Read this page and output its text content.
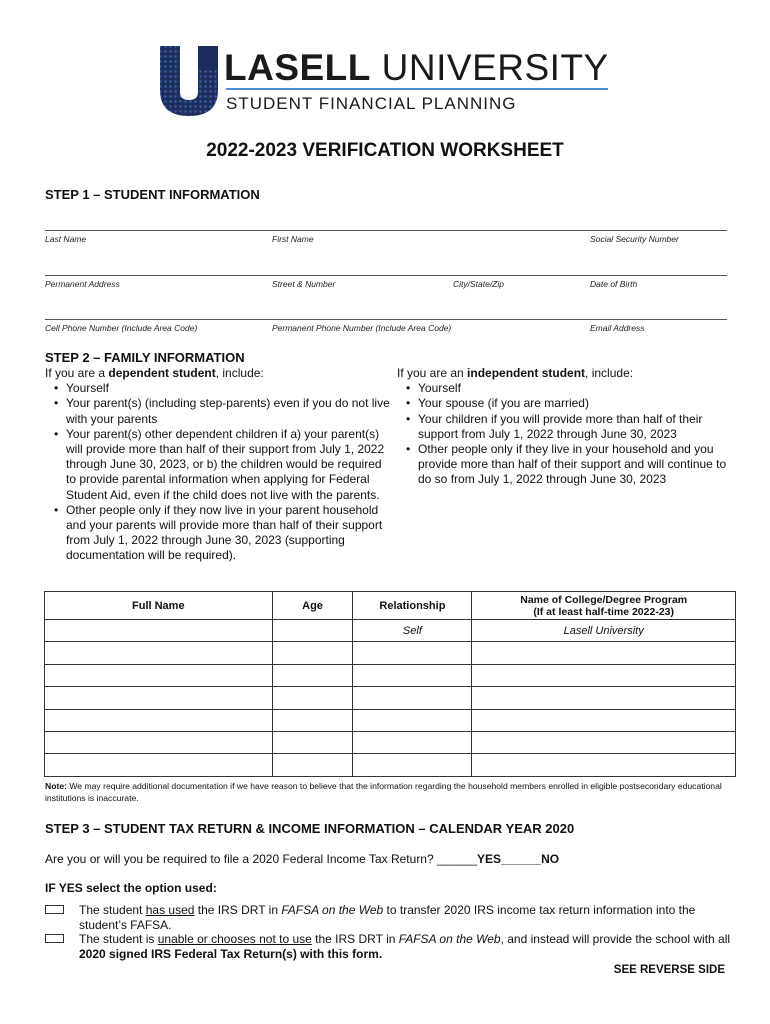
LASELL UNIVERSITY
STUDENT FINANCIAL PLANNING
2022-2023 VERIFICATION WORKSHEET
STEP 1 – STUDENT INFORMATION
Last Name	First Name	Social Security Number
Permanent Address	Street & Number	City/State/Zip	Date of Birth
Cell Phone Number (Include Area Code)	Permanent Phone Number (Include Area Code)	Email Address
STEP 2 – FAMILY INFORMATION
If you are a dependent student, include:
• Yourself
• Your parent(s) (including step-parents) even if you do not live with your parents
• Your parent(s) other dependent children if a) your parent(s) will provide more than half of their support from July 1, 2022 through June 30, 2023, or b) the children would be required to provide parental information when applying for Federal Student Aid, even if the child does not live with the parents.
• Other people only if they now live in your parent household and your parents will provide more than half of their support from July 1, 2022 through June 30, 2023 (supporting documentation will be required).
If you are an independent student, include:
• Yourself
• Your spouse (if you are married)
• Your children if you will provide more than half of their support from July 1, 2022 through June 30, 2023
• Other people only if they live in your household and you provide more than half of their support and will continue to do so from July 1, 2022 through June 30, 2023
Full Name	Age	Relationship	Name of College/Degree Program
(If at least half-time 2022-23)

		Self	Lasell University

Note: We may require additional documentation if we have reason to believe that the information regarding the household members enrolled in eligible postsecondary educational institutions is inaccurate.
STEP 3 – STUDENT TAX RETURN & INCOME INFORMATION – CALENDAR YEAR 2020
Are you or will you be required to file a 2020 Federal Income Tax Return? ______YES______NO
IF YES select the option used:
The student has used the IRS DRT in FAFSA on the Web to transfer 2020 IRS income tax return information into the student’s FAFSA.
The student is unable or chooses not to use the IRS DRT in FAFSA on the Web, and instead will provide the school with all 2020 signed IRS Federal Tax Return(s) with this form.
SEE REVERSE SIDE
